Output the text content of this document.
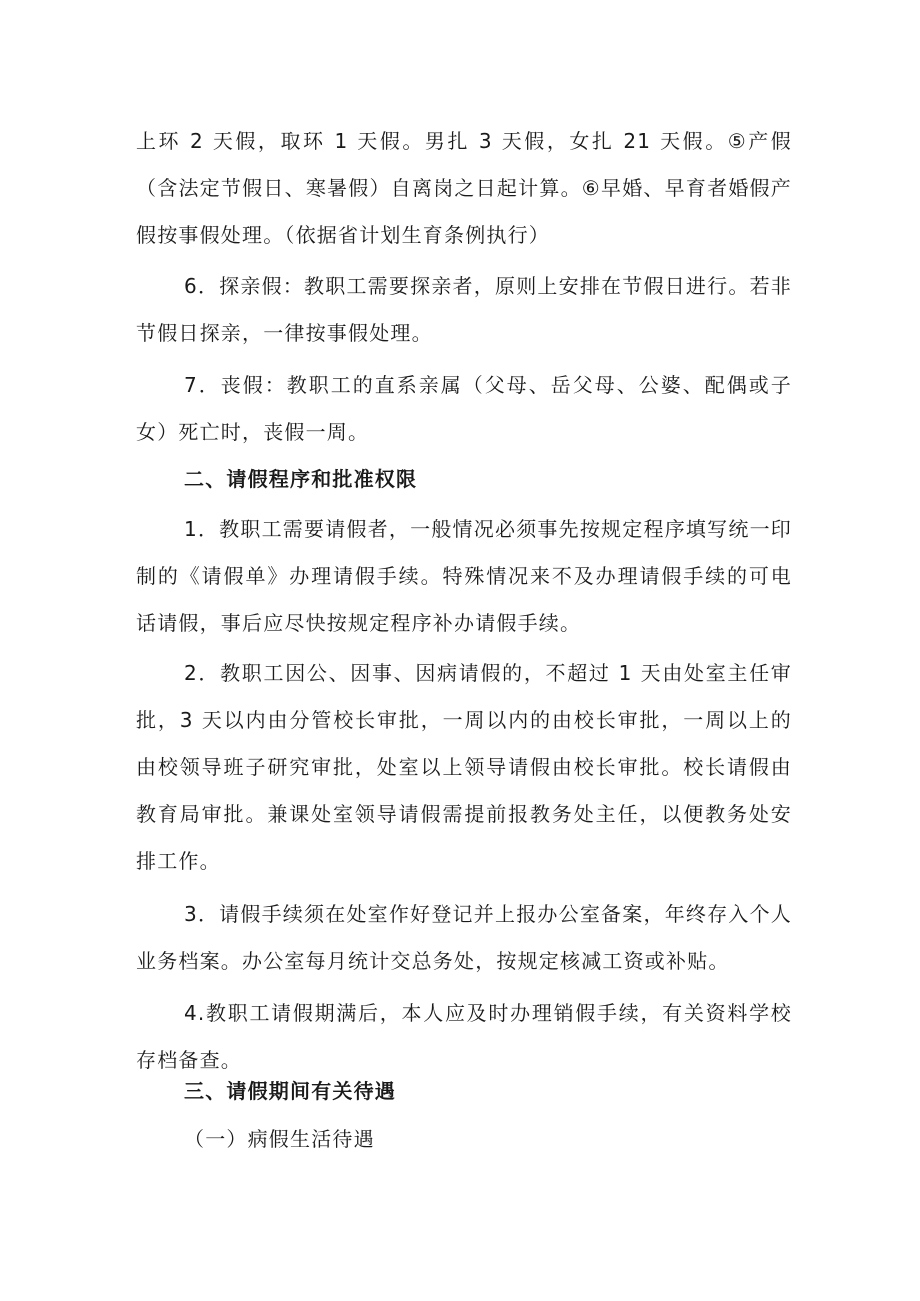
上环 2 天假，取环 1 天假。男扎 3 天假，女扎 21 天假。⑤产假（含法定节假日、寒暑假）自离岗之日起计算。⑥早婚、早育者婚假产假按事假处理。（依据省计划生育条例执行）

6．探亲假：教职工需要探亲者，原则上安排在节假日进行。若非节假日探亲，一律按事假处理。

7．丧假：教职工的直系亲属（父母、岳父母、公婆、配偶或子女）死亡时，丧假一周。

二、请假程序和批准权限

1．教职工需要请假者，一般情况必须事先按规定程序填写统一印制的《请假单》办理请假手续。特殊情况来不及办理请假手续的可电话请假，事后应尽快按规定程序补办请假手续。

2．教职工因公、因事、因病请假的，不超过 1 天由处室主任审批，3 天以内由分管校长审批，一周以内的由校长审批，一周以上的由校领导班子研究审批，处室以上领导请假由校长审批。校长请假由教育局审批。兼课处室领导请假需提前报教务处主任，以便教务处安排工作。

3．请假手续须在处室作好登记并上报办公室备案，年终存入个人业务档案。办公室每月统计交总务处，按规定核减工资或补贴。

4.教职工请假期满后，本人应及时办理销假手续，有关资料学校存档备查。

三、请假期间有关待遇

（一）病假生活待遇
